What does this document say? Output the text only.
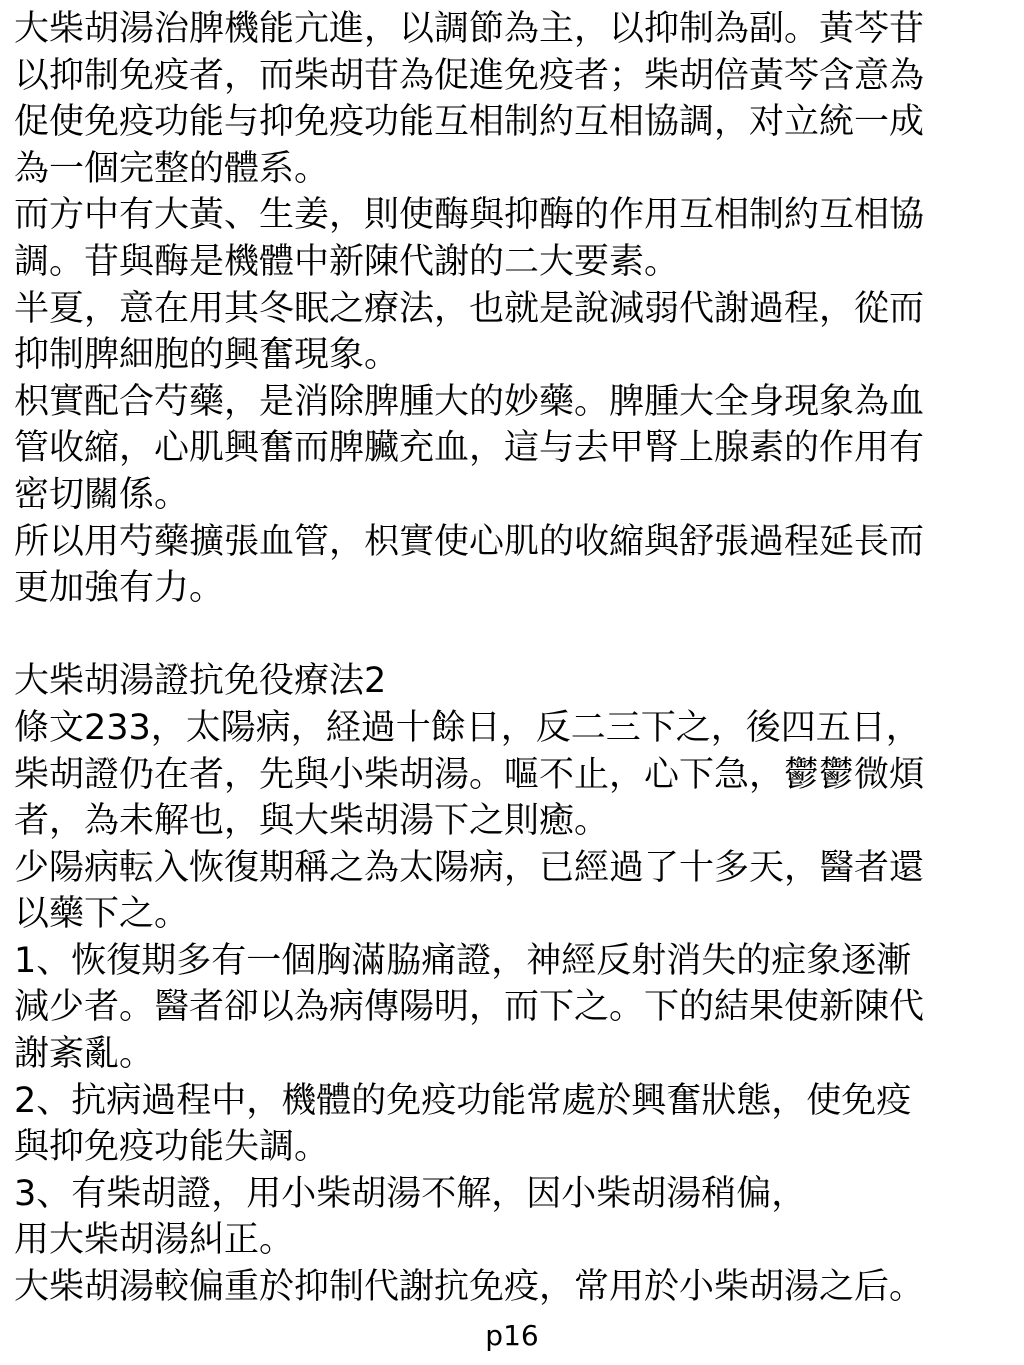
大柴胡湯治脾機能亢進，以調節為主，以抑制為副。黃芩苷
以抑制免疫者，而柴胡苷為促進免疫者；柴胡倍黃芩含意為
促使免疫功能与抑免疫功能互相制約互相協調，对立統一成
為一個完整的體系。
而方中有大黃、生姜，則使酶與抑酶的作用互相制約互相協
調。苷與酶是機體中新陳代謝的二大要素。
半夏，意在用其冬眠之療法，也就是說減弱代謝過程，從而
抑制脾細胞的興奮現象。
枳實配合芍藥，是消除脾腫大的妙藥。脾腫大全身現象為血
管收縮，心肌興奮而脾臟充血，這与去甲腎上腺素的作用有
密切關係。
所以用芍藥擴張血管，枳實使心肌的收縮與舒張過程延長而
更加強有力。
大柴胡湯證抗免役療法2
條文233，太陽病，経過十餘日，反二三下之，後四五日，
柴胡證仍在者，先與小柴胡湯。嘔不止，心下急，鬱鬱微煩
者，為未解也，與大柴胡湯下之則癒。
少陽病転入恢復期稱之為太陽病，已經過了十多天，醫者還
以藥下之。
1、恢復期多有一個胸滿脇痛證，神經反射消失的症象逐漸
減少者。醫者卻以為病傳陽明，而下之。下的結果使新陳代
謝紊亂。
2、抗病過程中，機體的免疫功能常處於興奮狀態，使免疫
與抑免疫功能失調。
3、有柴胡證，用小柴胡湯不解，因小柴胡湯稍偏，
用大柴胡湯糾正。
大柴胡湯較偏重於抑制代謝抗免疫，常用於小柴胡湯之后。
p16
